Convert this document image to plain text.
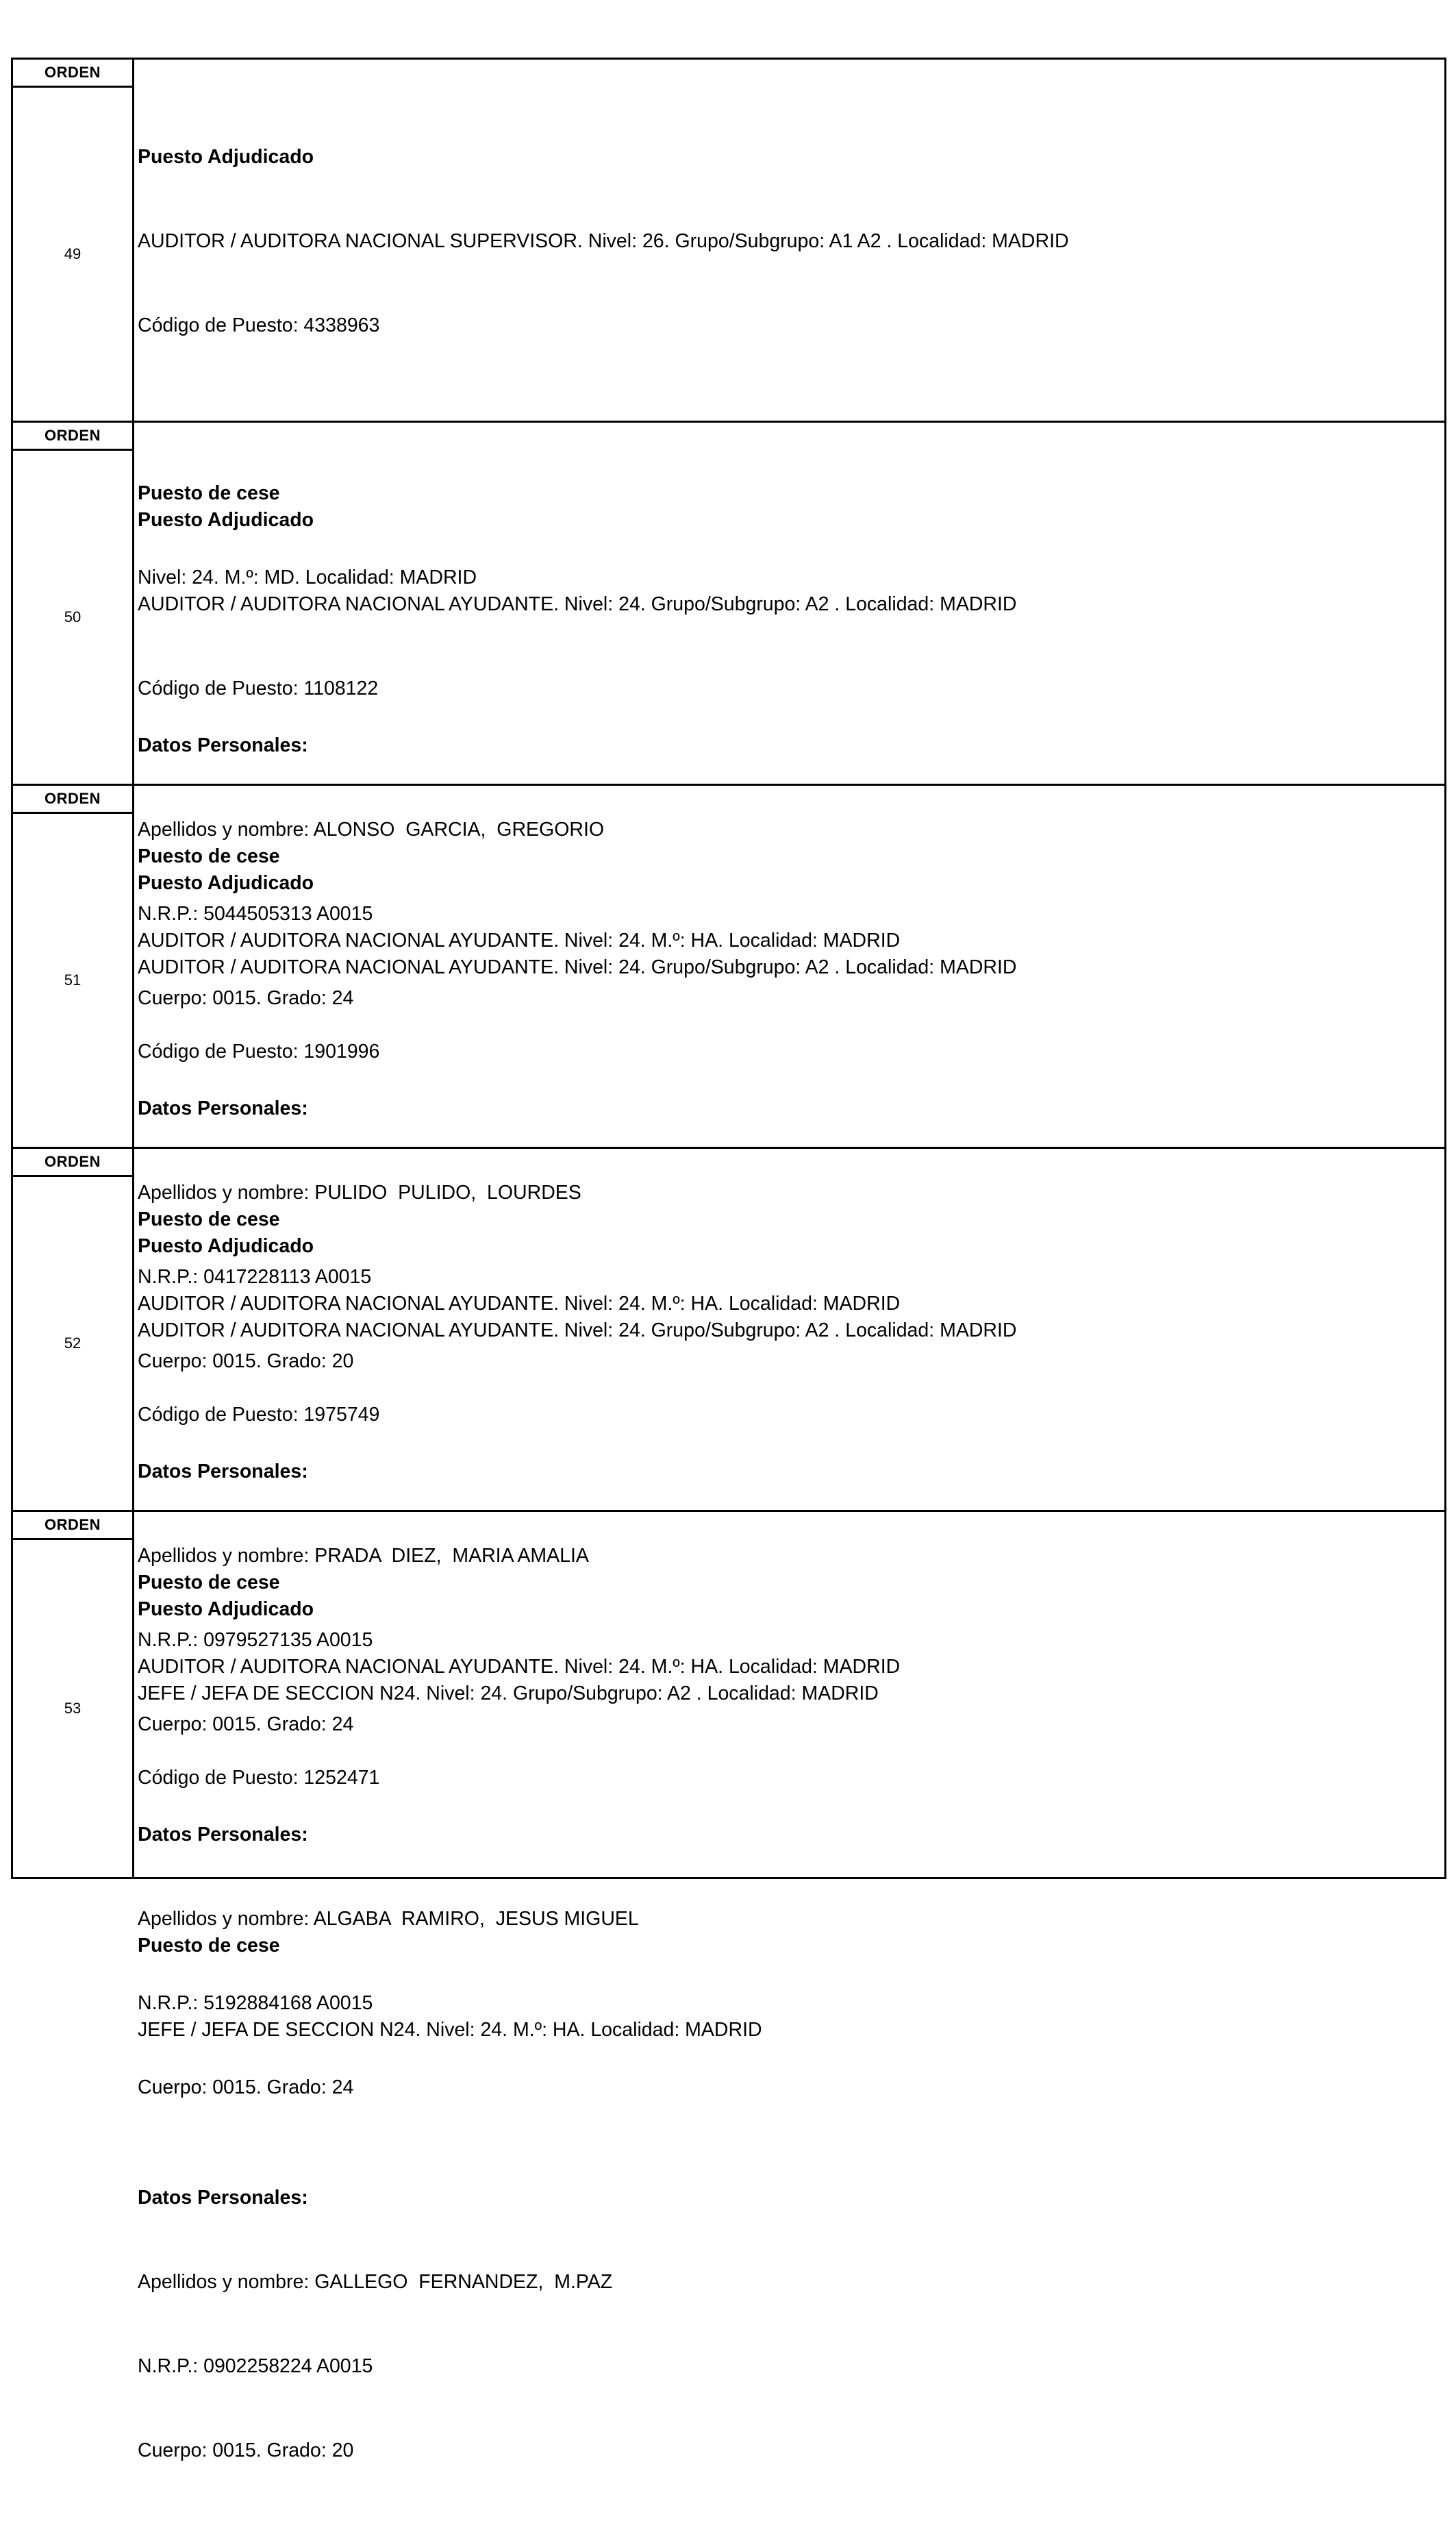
ORDEN
49

Puesto Adjudicado

AUDITOR / AUDITORA NACIONAL SUPERVISOR. Nivel: 26. Grupo/Subgrupo: A1 A2 . Localidad: MADRID

Código de Puesto: 4338963

Puesto de cese

Nivel: 24. M.º: MD. Localidad: MADRID

Datos Personales:

Apellidos y nombre: ALONSO  GARCIA,  GREGORIO

N.R.P.: 5044505313 A0015

Cuerpo: 0015. Grado: 24

ORDEN
50

Puesto Adjudicado

AUDITOR / AUDITORA NACIONAL AYUDANTE. Nivel: 24. Grupo/Subgrupo: A2 . Localidad: MADRID

Código de Puesto: 1108122

Puesto de cese

AUDITOR / AUDITORA NACIONAL AYUDANTE. Nivel: 24. M.º: HA. Localidad: MADRID

Datos Personales:

Apellidos y nombre: PULIDO  PULIDO,  LOURDES

N.R.P.: 0417228113 A0015

Cuerpo: 0015. Grado: 20

ORDEN
51

Puesto Adjudicado

AUDITOR / AUDITORA NACIONAL AYUDANTE. Nivel: 24. Grupo/Subgrupo: A2 . Localidad: MADRID

Código de Puesto: 1901996

Puesto de cese

AUDITOR / AUDITORA NACIONAL AYUDANTE. Nivel: 24. M.º: HA. Localidad: MADRID

Datos Personales:

Apellidos y nombre: PRADA  DIEZ,  MARIA AMALIA

N.R.P.: 0979527135 A0015

Cuerpo: 0015. Grado: 24

ORDEN
52

Puesto Adjudicado

AUDITOR / AUDITORA NACIONAL AYUDANTE. Nivel: 24. Grupo/Subgrupo: A2 . Localidad: MADRID

Código de Puesto: 1975749

Puesto de cese

AUDITOR / AUDITORA NACIONAL AYUDANTE. Nivel: 24. M.º: HA. Localidad: MADRID

Datos Personales:

Apellidos y nombre: ALGABA  RAMIRO,  JESUS MIGUEL

N.R.P.: 5192884168 A0015

Cuerpo: 0015. Grado: 24

ORDEN
53

Puesto Adjudicado

JEFE / JEFA DE SECCION N24. Nivel: 24. Grupo/Subgrupo: A2 . Localidad: MADRID

Código de Puesto: 1252471

Puesto de cese

JEFE / JEFA DE SECCION N24. Nivel: 24. M.º: HA. Localidad: MADRID

Datos Personales:

Apellidos y nombre: GALLEGO  FERNANDEZ,  M.PAZ

N.R.P.: 0902258224 A0015

Cuerpo: 0015. Grado: 20
